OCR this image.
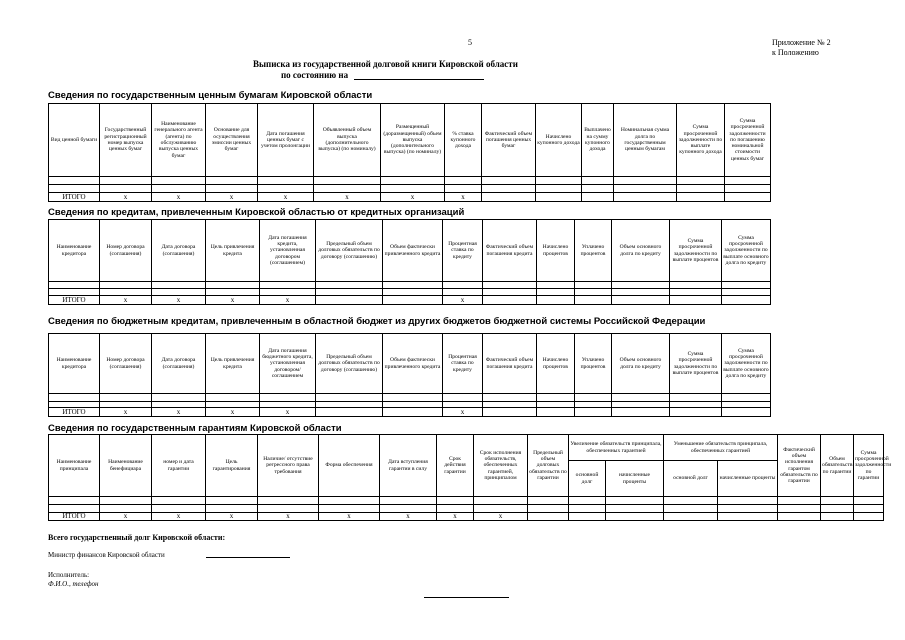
5	Приложение № 2
к Положению
Выписка из государственной долговой книги Кировской области
по состоянию на
Сведения по государственным ценным бумагам Кировской области
Вид ценной бумаги	Государственный регистрационный номер выпуска ценных бумаг	Наименование генерального агента (агента) по обслуживанию выпуска ценных бумаг	Основание для осуществления эмиссии ценных бумаг	Дата погашения ценных бумаг с учетом пролонгации	Объявленный объем выпуска (дополнительного выпуска) (по номиналу)	Размещенный (доразмещенный) объем выпуска (дополнительного выпуска) (по номиналу)	% ставка купонного дохода	Фактический объем погашения ценных бумаг	Начислено купонного дохода	Выплачено на сумму купонного дохода	Номинальная сумма долга по государственным ценным бумагам	Сумма просроченной задолженности по выплате купонного дохода	Сумма просроченной задолженности по погашению номинальной стоимости ценных бумаг

ИТОГО	x	x	x	x	x	x	x						
Сведения по кредитам, привлеченным Кировской областью от кредитных организаций
Наименование кредитора	Номер договора (соглашения)	Дата договора (соглашения)	Цель привлечения кредита	Дата погашения кредита, установленная договором (соглашением)	Предельный объем долговых обязательств по договору (соглашению)	Объем фактически привлеченного кредита	Процентная ставка по кредиту	Фактический объем погашения кредита	Начислено процентов	Уплачено процентов	Объем основного долга по кредиту	Сумма просроченной задолженности по выплате процентов	Сумма просроченной задолженности по выплате основного долга по кредиту

ИТОГО	x	x	x	x			x						
Сведения по бюджетным кредитам, привлеченным в областной бюджет из других бюджетов бюджетной системы Российской Федерации
Наименование кредитора	Номер договора (соглашения)	Дата договора (соглашения)	Цель привлечения кредита	Дата погашения бюджетного кредита, установленная договором/соглашением	Предельный объем долговых обязательств по договору (соглашению)	Объем фактически привлеченного кредита	Процентная ставка по кредиту	Фактический объем погашения кредита	Начислено процентов	Уплачено процентов	Объем основного долга по кредиту	Сумма просроченной задолженности по выплате процентов	Сумма просроченной задолженности по выплате основного долга по кредиту

ИТОГО	x	x	x	x			x						
Сведения по государственным гарантиям Кировской области
Наименование принципала	Наименование бенефициара	номер и дата гарантии	Цель гарантирования	Наличие/ отсутствие регрессного права требования	Форма обеспечения	Дата вступления гарантии в силу	Срок действия гарантии	Срок исполнения обязательств, обеспеченных гарантией, принципалом	Предельный объем долговых обязательств по гарантии	Увеличение обязательств принципала, обеспеченных гарантией		Уменьшение обязательств принципала, обеспеченных гарантией		Фактический объем исполнения гарантом обязательств по гарантии	Объем обязательств по гарантии	Сумма просроченной задолженности по гарантии
										основной долг	начисленные проценты	основной долг	начисленные проценты			

ИТОГО	x	x	x	x	x	x	x	x								
Всего государственный долг Кировской области:
Министр финансов Кировской области
Исполнитель:
Ф.И.О., телефон
